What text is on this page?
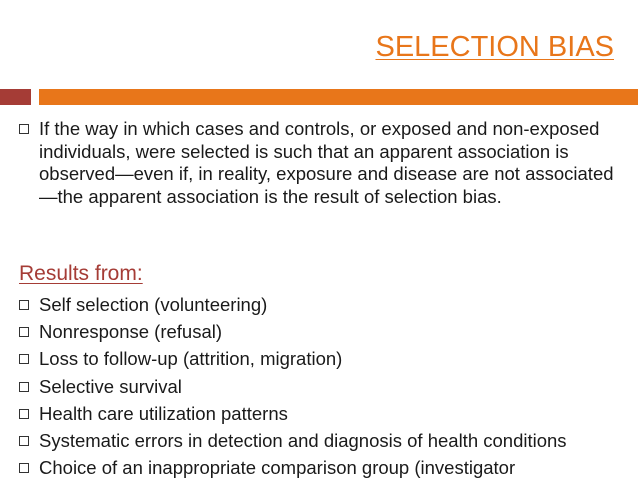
SELECTION BIAS
If the way in which cases and controls, or exposed and non-exposed individuals, were selected is such that an apparent association is observed—even if, in reality, exposure and disease are not associated—the apparent association is the result of selection bias.
Results from:
Self selection (volunteering)
Nonresponse (refusal)
Loss to follow-up (attrition, migration)
Selective survival
Health care utilization patterns
Systematic errors in detection and diagnosis of health conditions
Choice of an inappropriate comparison group (investigator
